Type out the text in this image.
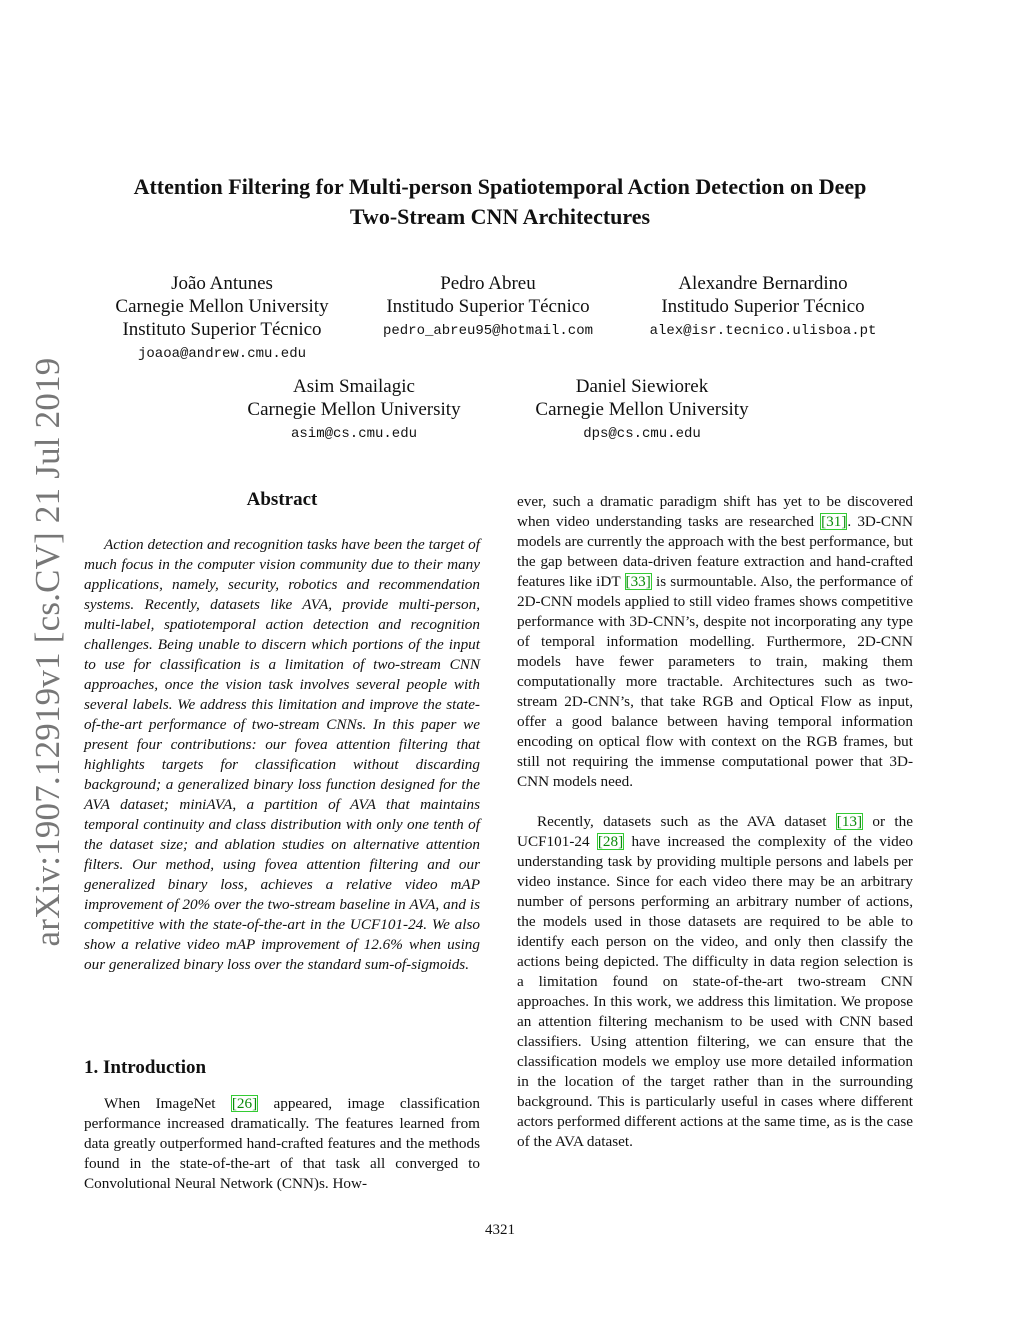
arXiv:1907.12919v1 [cs.CV] 21 Jul 2019
Attention Filtering for Multi-person Spatiotemporal Action Detection on Deep
Two-Stream CNN Architectures
João Antunes
Carnegie Mellon University
Instituto Superior Técnico
joaoa@andrew.cmu.edu
Pedro Abreu
Institudo Superior Técnico
pedro_abreu95@hotmail.com
Alexandre Bernardino
Institudo Superior Técnico
alex@isr.tecnico.ulisboa.pt
Asim Smailagic
Carnegie Mellon University
asim@cs.cmu.edu
Daniel Siewiorek
Carnegie Mellon University
dps@cs.cmu.edu
Abstract

Action detection and recognition tasks have been the target of much focus in the computer vision community due to their many applications, namely, security, robotics and recommendation systems. Recently, datasets like AVA, provide multi-person, multi-label, spatiotemporal action detection and recognition challenges. Being unable to discern which portions of the input to use for classification is a limitation of two-stream CNN approaches, once the vision task involves several people with several labels. We address this limitation and improve the state-of-the-art performance of two-stream CNNs. In this paper we present four contributions: our fovea attention filtering that highlights targets for classification without discarding background; a generalized binary loss function designed for the AVA dataset; miniAVA, a partition of AVA that maintains temporal continuity and class distribution with only one tenth of the dataset size; and ablation studies on alternative attention filters. Our method, using fovea attention filtering and our generalized binary loss, achieves a relative video mAP improvement of 20% over the two-stream baseline in AVA, and is competitive with the state-of-the-art in the UCF101-24. We also show a relative video mAP improvement of 12.6% when using our generalized binary loss over the standard sum-of-sigmoids.

1. Introduction

When ImageNet [26] appeared, image classification performance increased dramatically. The features learned from data greatly outperformed hand-crafted features and the methods found in the state-of-the-art of that task all converged to Convolutional Neural Network (CNN)s. How-

ever, such a dramatic paradigm shift has yet to be discovered when video understanding tasks are researched [31]. 3D-CNN models are currently the approach with the best performance, but the gap between data-driven feature extraction and hand-crafted features like iDT [33] is surmountable. Also, the performance of 2D-CNN models applied to still video frames shows competitive performance with 3D-CNN’s, despite not incorporating any type of temporal information modelling. Furthermore, 2D-CNN models have fewer parameters to train, making them computationally more tractable. Architectures such as two-stream 2D-CNN’s, that take RGB and Optical Flow as input, offer a good balance between having temporal information encoding on optical flow with context on the RGB frames, but still not requiring the immense computational power that 3D-CNN models need.

Recently, datasets such as the AVA dataset [13] or the UCF101-24 [28] have increased the complexity of the video understanding task by providing multiple persons and labels per video instance. Since for each video there may be an arbitrary number of persons performing an arbitrary number of actions, the models used in those datasets are required to be able to identify each person on the video, and only then classify the actions being depicted. The difficulty in data region selection is a limitation found on state-of-the-art two-stream CNN approaches. In this work, we address this limitation. We propose an attention filtering mechanism to be used with CNN based classifiers. Using attention filtering, we can ensure that the classification models we employ use more detailed information in the location of the target rather than in the surrounding background. This is particularly useful in cases where different actors performed different actions at the same time, as is the case of the AVA dataset.

4321
